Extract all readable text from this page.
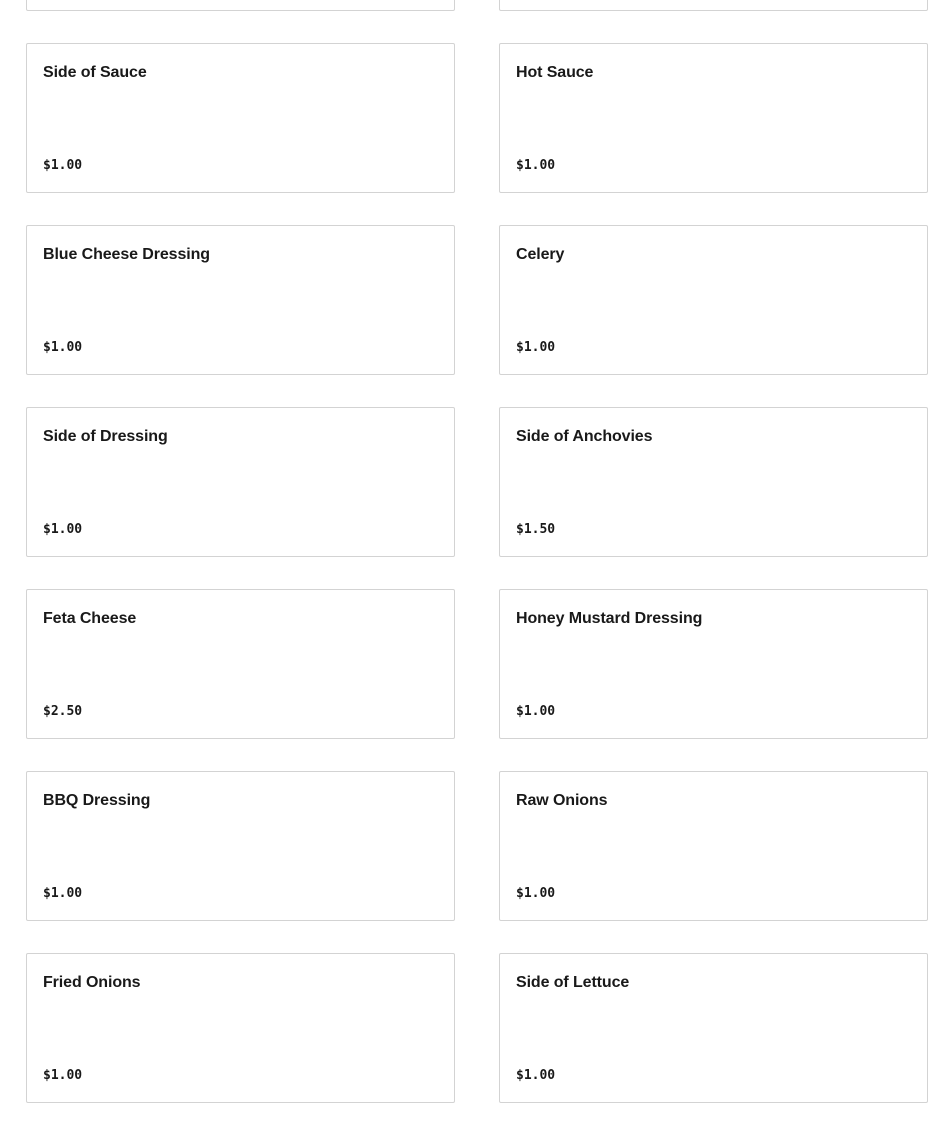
Side of Sauce
$1.00
Hot Sauce
$1.00
Blue Cheese Dressing
$1.00
Celery
$1.00
Side of Dressing
$1.00
Side of Anchovies
$1.50
Feta Cheese
$2.50
Honey Mustard Dressing
$1.00
BBQ Dressing
$1.00
Raw Onions
$1.00
Fried Onions
$1.00
Side of Lettuce
$1.00
